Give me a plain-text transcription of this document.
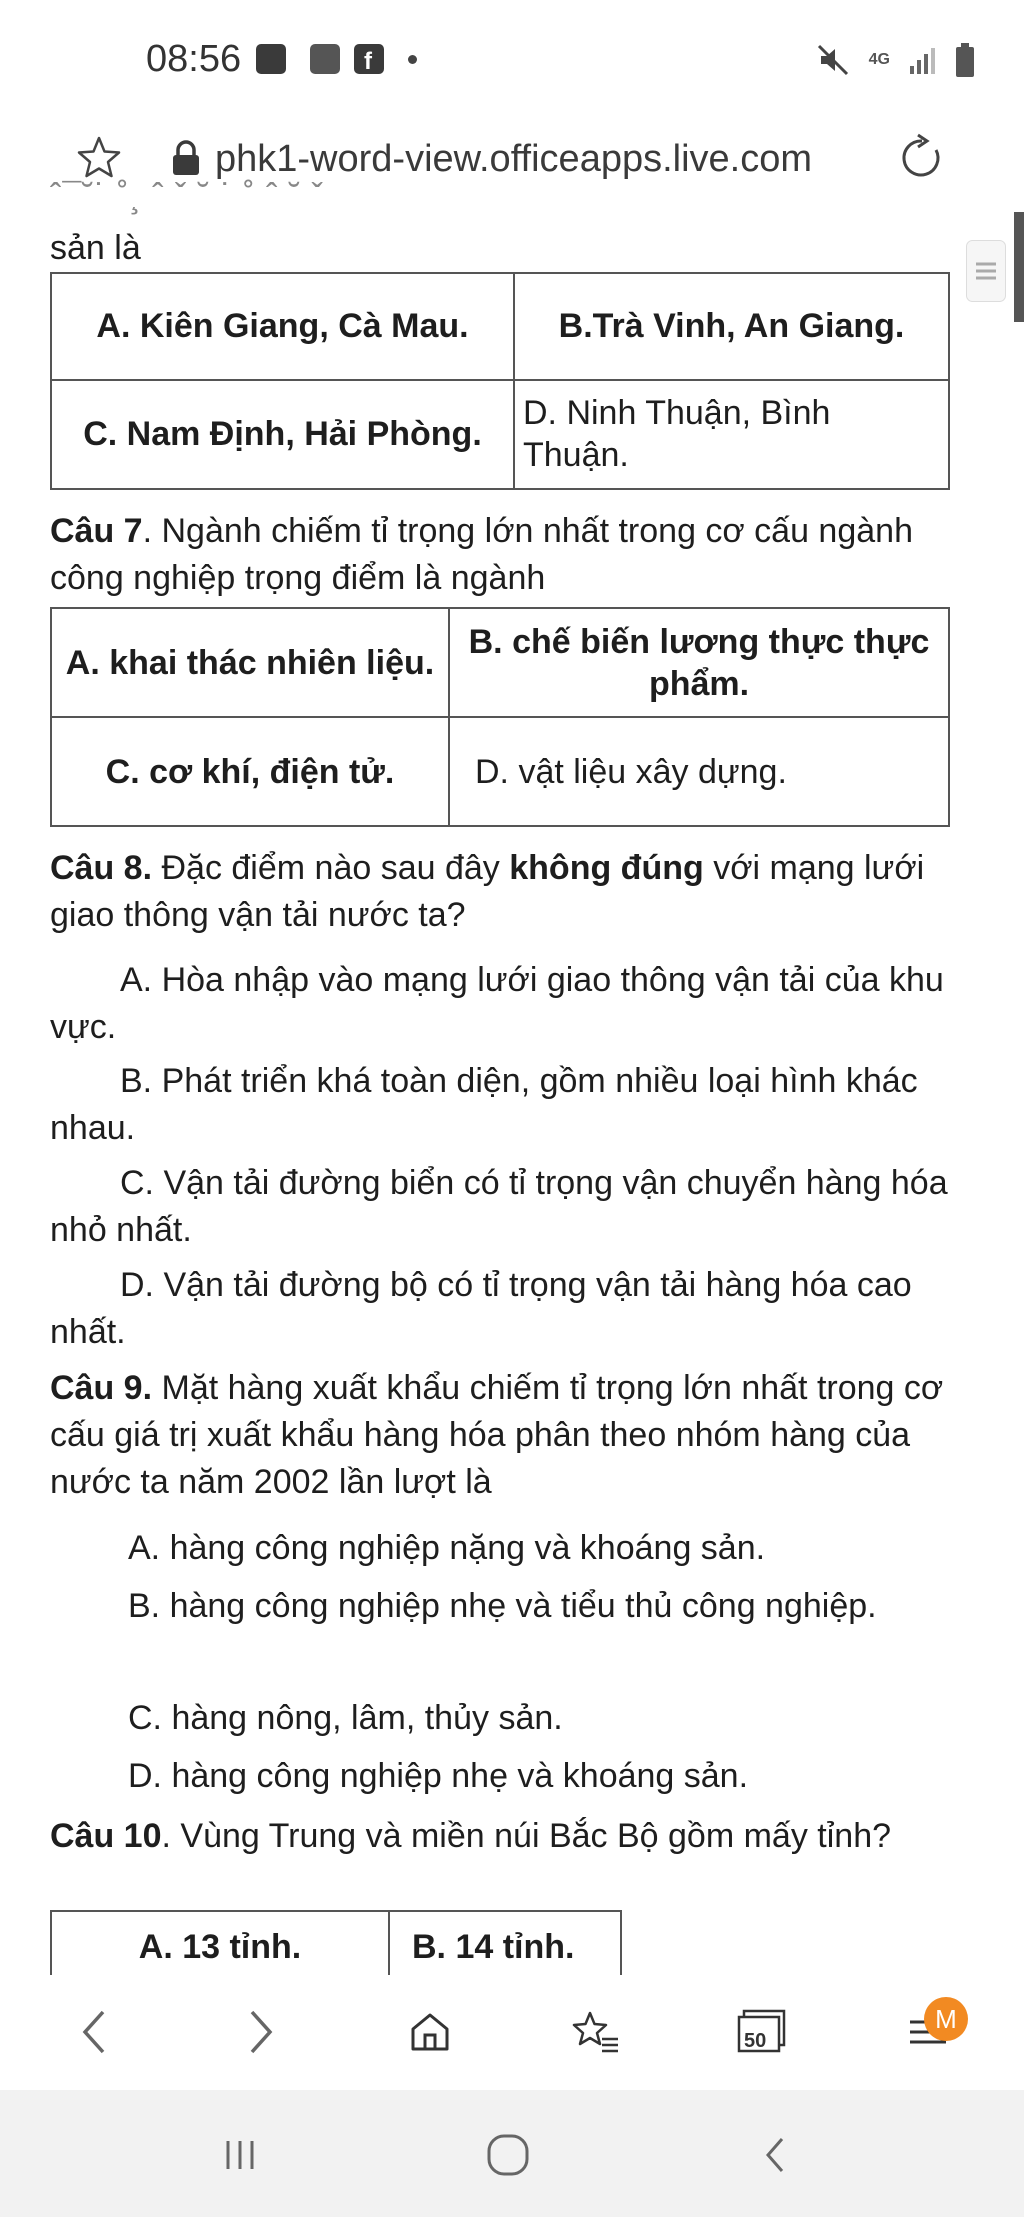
08:56	f	4G
phk1-word-view.officeapps.live.com
ˆ¯˘˙ ˚¸ ˆ ˇ ˘ ˙ ˚ ˆ ˘ ˇ
sản là
A. Kiên Giang, Cà Mau.	B.Trà Vinh, An Giang.
C. Nam Định, Hải Phòng.	D. Ninh Thuận, Bình Thuận.
Câu 7. Ngành chiếm tỉ trọng lớn nhất trong cơ cấu ngành công nghiệp trọng điểm là ngành
A. khai thác nhiên liệu.	B. chế biến lương thực thực phẩm.
C. cơ khí, điện tử.	D. vật liệu xây dựng.
Câu 8. Đặc điểm nào sau đây không đúng với mạng lưới giao thông vận tải nước ta?
A. Hòa nhập vào mạng lưới giao thông vận tải của khu vực.
B. Phát triển khá toàn diện, gồm nhiều loại hình khác nhau.
C. Vận tải đường biển có tỉ trọng vận chuyển hàng hóa nhỏ nhất.
D. Vận tải đường bộ có tỉ trọng vận tải hàng hóa cao nhất.
Câu 9. Mặt hàng xuất khẩu chiếm tỉ trọng lớn nhất trong cơ cấu giá trị xuất khẩu hàng hóa phân theo nhóm hàng của nước ta năm 2002 lần lượt là
A. hàng công nghiệp nặng và khoáng sản.
B. hàng công nghiệp nhẹ và tiểu thủ công nghiệp.
C. hàng nông, lâm, thủy sản.
D. hàng công nghiệp nhẹ và khoáng sản.
Câu 10. Vùng Trung và miền núi Bắc Bộ gồm mấy tỉnh?
A. 13 tỉnh.	B. 14 tỉnh.
50
M
